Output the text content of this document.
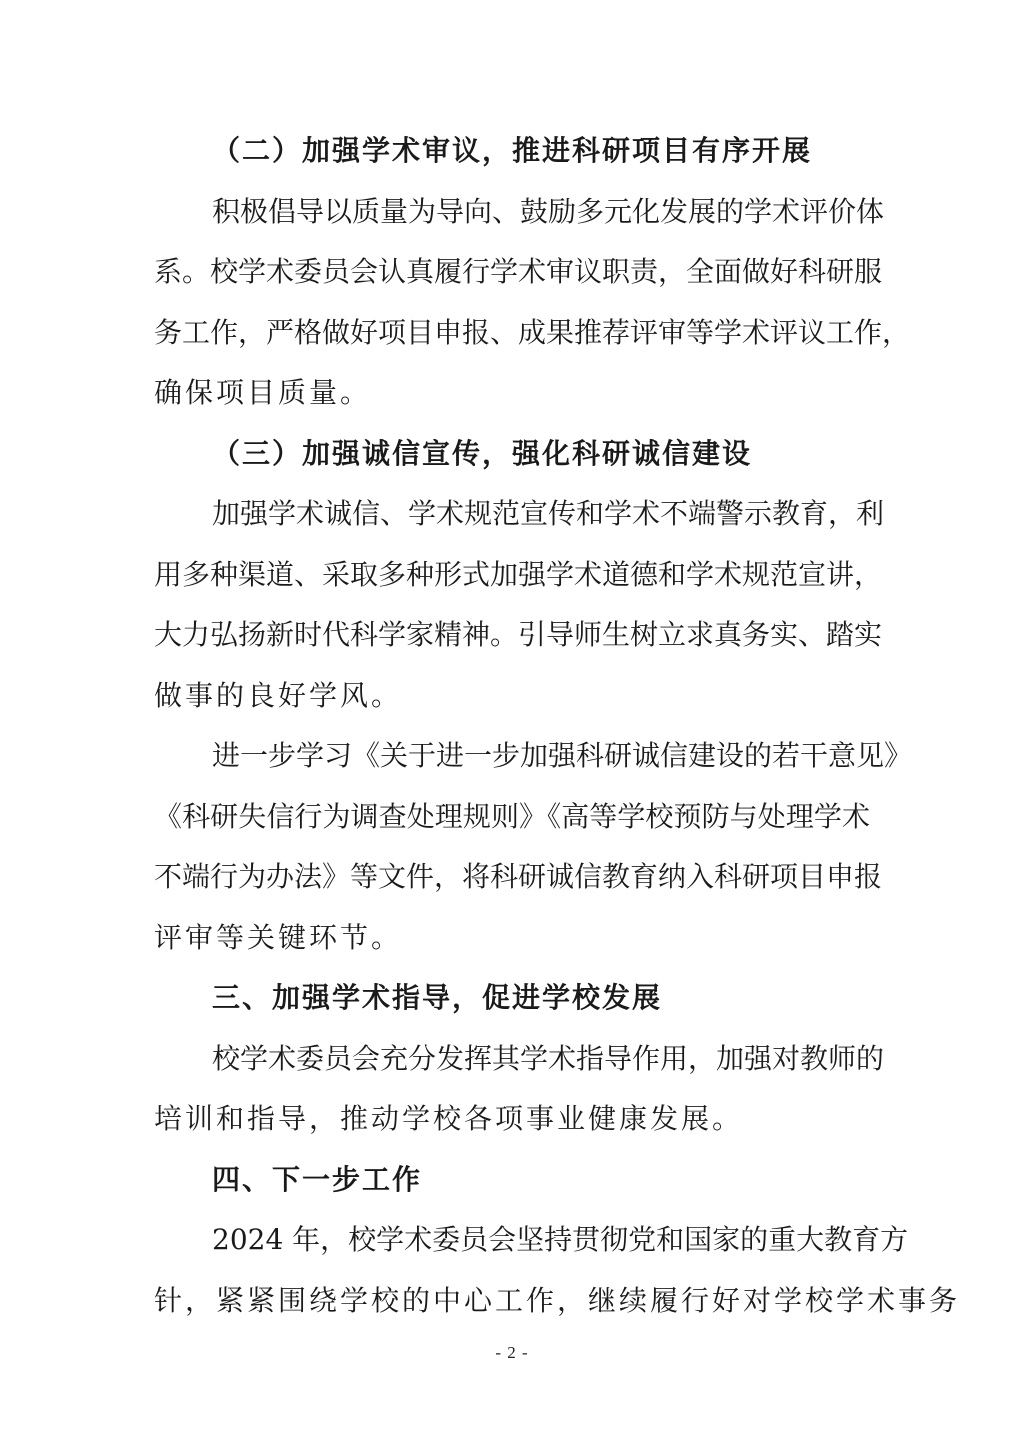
（二）加强学术审议，推进科研项目有序开展
积极倡导以质量为导向、鼓励多元化发展的学术评价体
系。校学术委员会认真履行学术审议职责，全面做好科研服
务工作，严格做好项目申报、成果推荐评审等学术评议工作，
确保项目质量。
（三）加强诚信宣传，强化科研诚信建设
加强学术诚信、学术规范宣传和学术不端警示教育，利
用多种渠道、采取多种形式加强学术道德和学术规范宣讲，
大力弘扬新时代科学家精神。引导师生树立求真务实、踏实
做事的良好学风。
进一步学习《关于进一步加强科研诚信建设的若干意见》
《科研失信行为调查处理规则》《高等学校预防与处理学术
不端行为办法》等文件，将科研诚信教育纳入科研项目申报
评审等关键环节。
三、加强学术指导，促进学校发展
校学术委员会充分发挥其学术指导作用，加强对教师的
培训和指导，推动学校各项事业健康发展。
四、下一步工作
2024 年，校学术委员会坚持贯彻党和国家的重大教育方
针，紧紧围绕学校的中心工作，继续履行好对学校学术事务
- 2 -
